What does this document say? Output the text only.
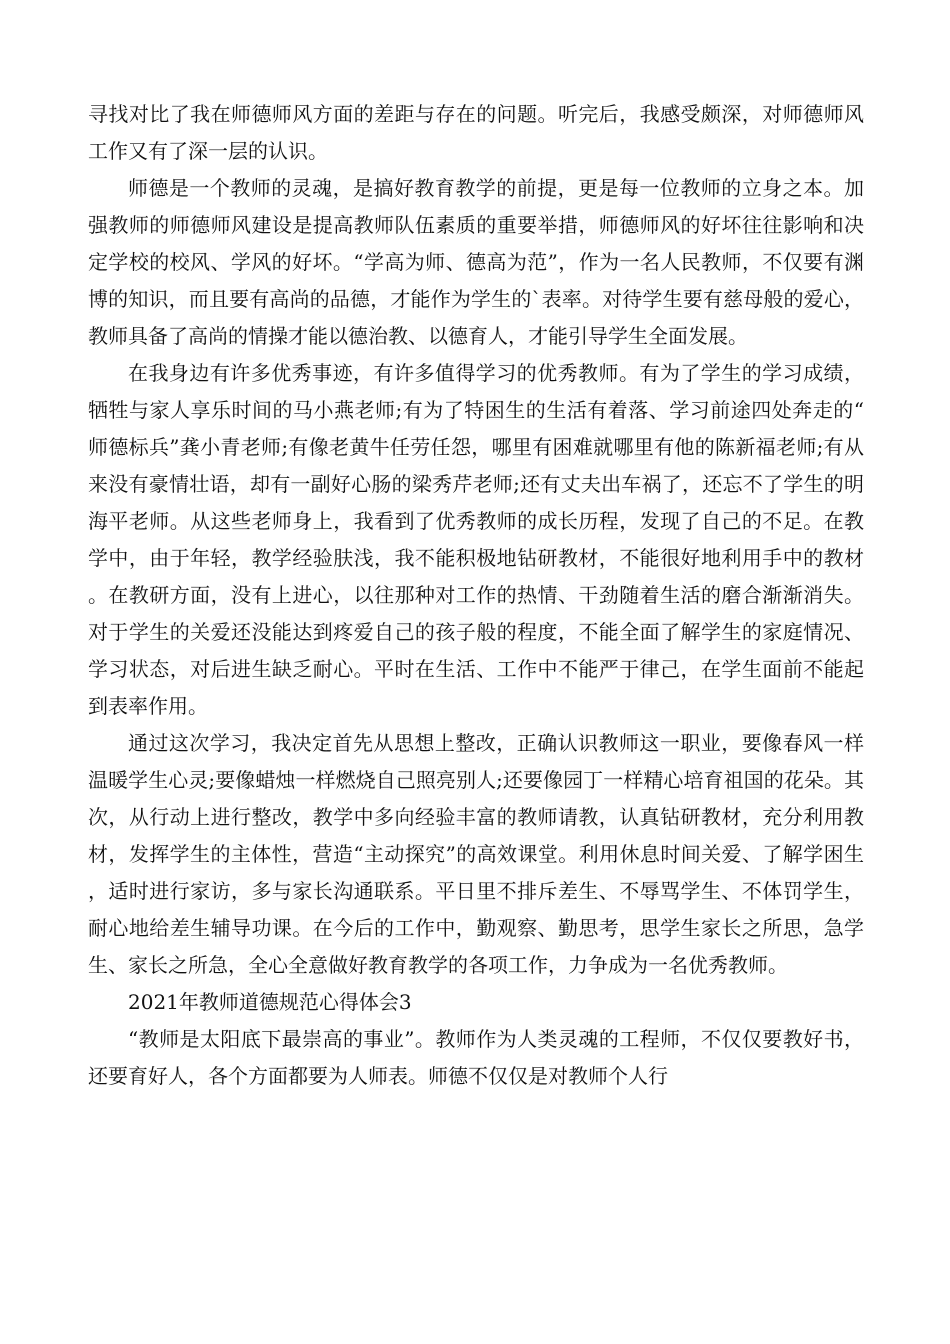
寻找对比了我在师德师风方面的差距与存在的问题。听完后，我感受颇深，对师德师风工作又有了深一层的认识。

师德是一个教师的灵魂，是搞好教育教学的前提，更是每一位教师的立身之本。加强教师的师德师风建设是提高教师队伍素质的重要举措，师德师风的好坏往往影响和决定学校的校风、学风的好坏。“学高为师、德高为范”，作为一名人民教师，不仅要有渊博的知识，而且要有高尚的品德，才能作为学生的`表率。对待学生要有慈母般的爱心，教师具备了高尚的情操才能以德治教、以德育人，才能引导学生全面发展。

在我身边有许多优秀事迹，有许多值得学习的优秀教师。有为了学生的学习成绩，牺牲与家人享乐时间的马小燕老师;有为了特困生的生活有着落、学习前途四处奔走的“师德标兵”龚小青老师;有像老黄牛任劳任怨，哪里有困难就哪里有他的陈新福老师;有从来没有豪情壮语，却有一副好心肠的梁秀芹老师;还有丈夫出车祸了，还忘不了学生的明海平老师。从这些老师身上，我看到了优秀教师的成长历程，发现了自己的不足。在教学中，由于年轻，教学经验肤浅，我不能积极地钻研教材，不能很好地利用手中的教材。在教研方面，没有上进心，以往那种对工作的热情、干劲随着生活的磨合渐渐消失。对于学生的关爱还没能达到疼爱自己的孩子般的程度，不能全面了解学生的家庭情况、学习状态，对后进生缺乏耐心。平时在生活、工作中不能严于律己，在学生面前不能起到表率作用。

通过这次学习，我决定首先从思想上整改，正确认识教师这一职业，要像春风一样温暖学生心灵;要像蜡烛一样燃烧自己照亮别人;还要像园丁一样精心培育祖国的花朵。其次，从行动上进行整改，教学中多向经验丰富的教师请教，认真钻研教材，充分利用教材，发挥学生的主体性，营造“主动探究”的高效课堂。利用休息时间关爱、了解学困生，适时进行家访，多与家长沟通联系。平日里不排斥差生、不辱骂学生、不体罚学生，耐心地给差生辅导功课。在今后的工作中，勤观察、勤思考，思学生家长之所思，急学生、家长之所急，全心全意做好教育教学的各项工作，力争成为一名优秀教师。

2021年教师道德规范心得体会3

“教师是太阳底下最崇高的事业”。教师作为人类灵魂的工程师，不仅仅要教好书，还要育好人，各个方面都要为人师表。师德不仅仅是对教师个人行
